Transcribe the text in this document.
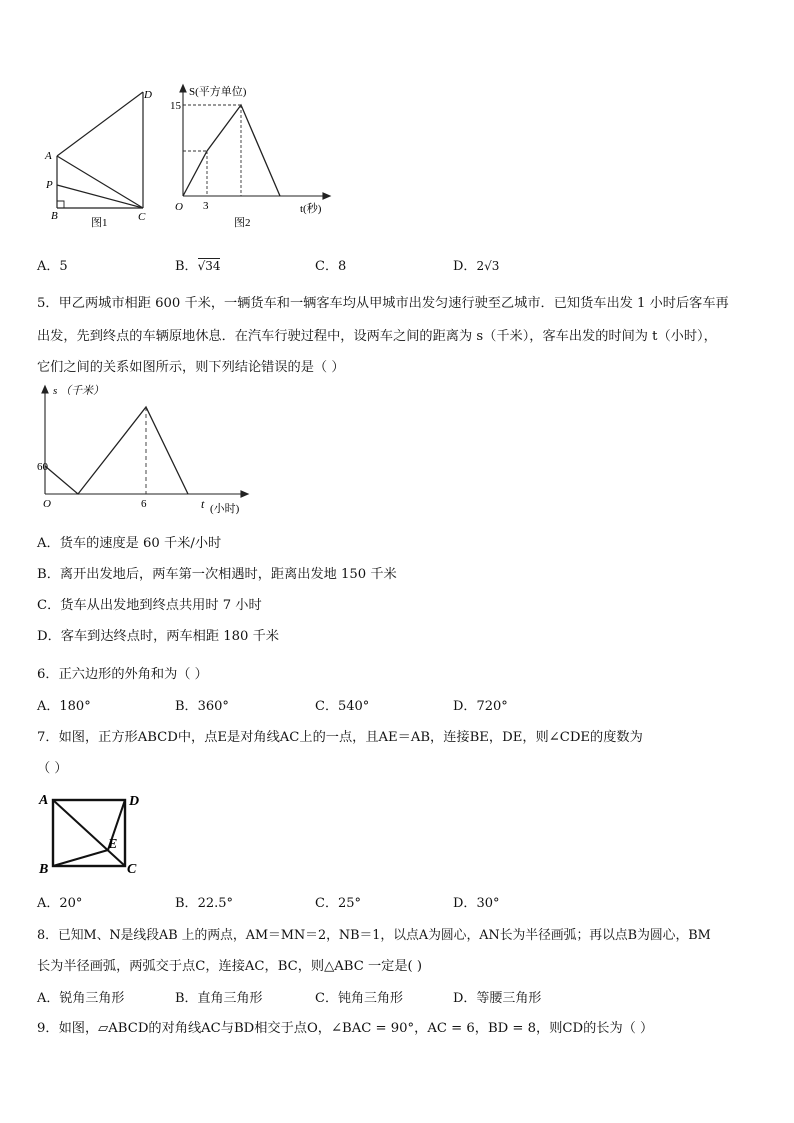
A
P
B	C
D
图1
S(平方单位)
15
3
O	t(秒)
图2
A．5	B．√34	C．8	D．2√3
5．甲乙两城市相距 600 千米，一辆货车和一辆客车均从甲城市出发匀速行驶至乙城市．已知货车出发 1 小时后客车再
出发，先到终点的车辆原地休息．在汽车行驶过程中，设两车之间的距离为 s（千米），客车出发的时间为 t（小时），
它们之间的关系如图所示，则下列结论错误的是（ ）
s （千米）
60
6
O	t (小时)
A．货车的速度是 60 千米/小时
B．离开出发地后，两车第一次相遇时，距离出发地 150 千米
C．货车从出发地到终点共用时 7 小时
D．客车到达终点时，两车相距 180 千米
6．正六边形的外角和为（ ）
A．180°	B．360°	C．540°	D．720°
7．如图，正方形ABCD中，点E是对角线AC上的一点，且AE＝AB，连接BE，DE，则∠CDE的度数为
（ ）
A	D
B	C
E
A．20°	B．22.5°	C．25°	D．30°
8．已知M、N是线段AB 上的两点，AM＝MN＝2，NB＝1，以点A为圆心，AN长为半径画弧；再以点B为圆心，BM
长为半径画弧，两弧交于点C，连接AC，BC，则△ABC 一定是( )
A．锐角三角形	B．直角三角形	C．钝角三角形	D．等腰三角形
9．如图，▱ABCD的对角线AC与BD相交于点O，∠BAC = 90°，AC = 6，BD = 8，则CD的长为（ ）
